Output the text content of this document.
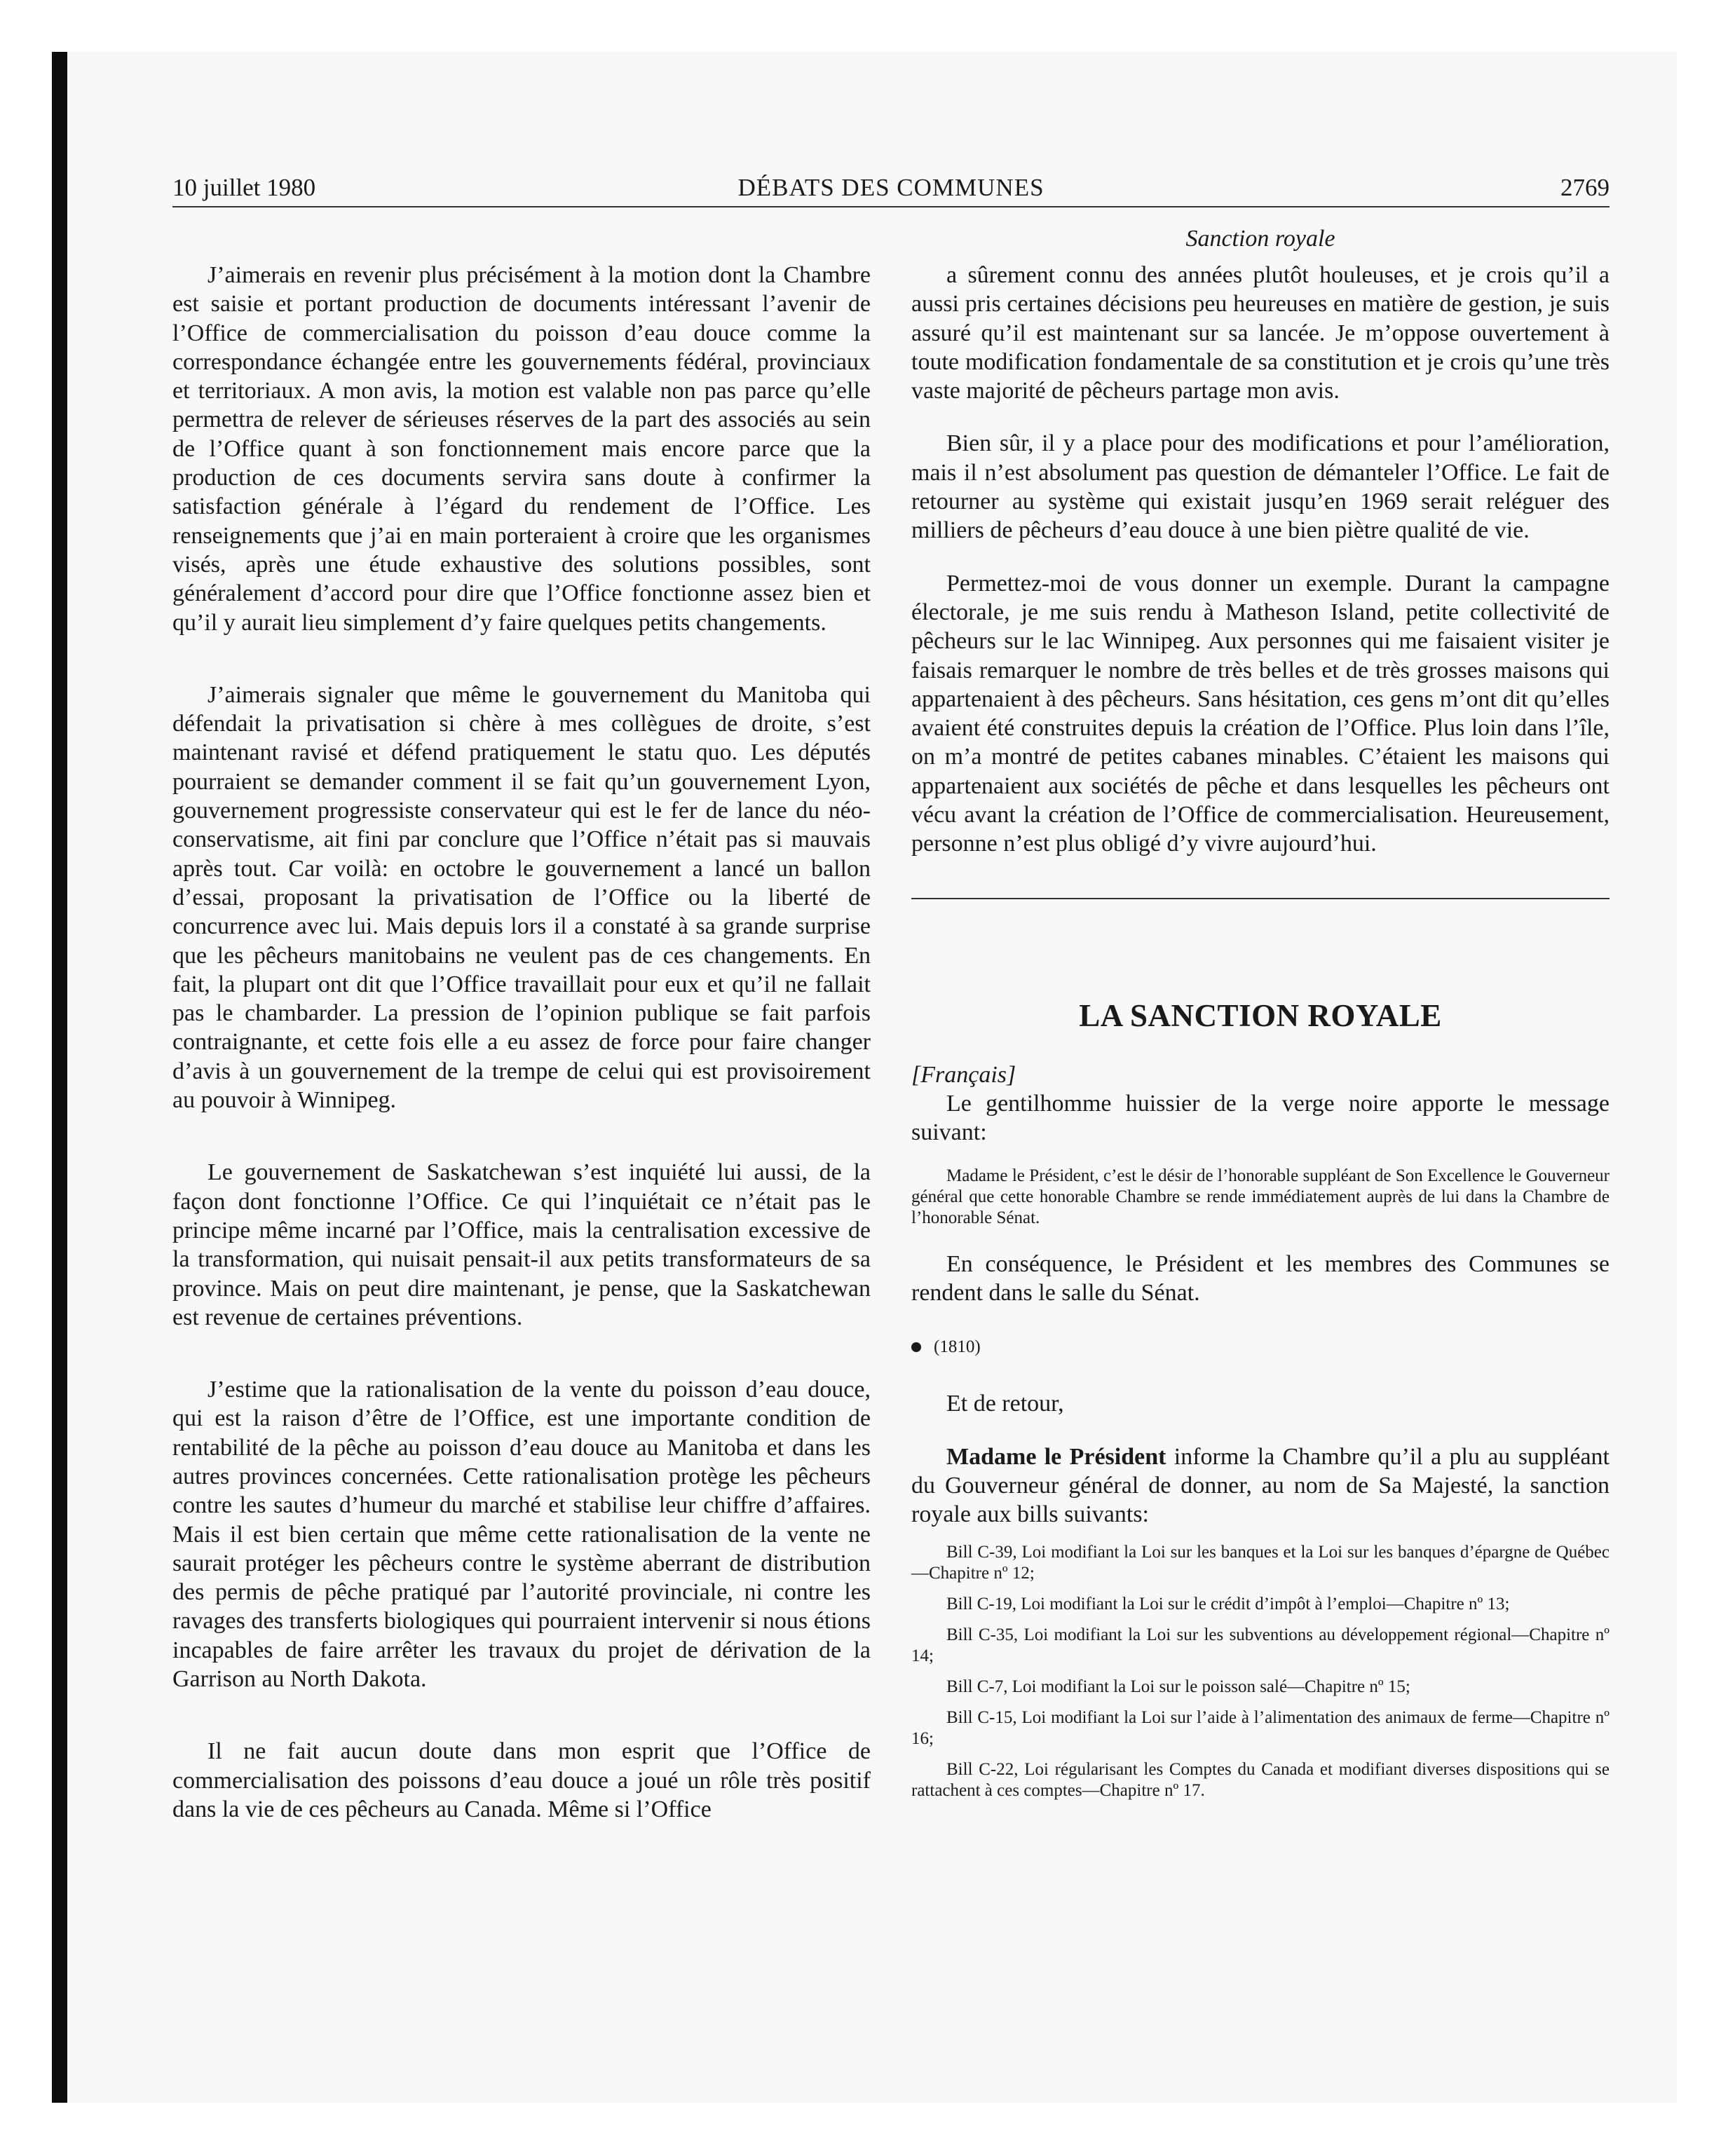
10 juillet 1980	DÉBATS DES COMMUNES	2769
Sanction royale

J’aimerais en revenir plus précisément à la motion dont la Chambre est saisie et portant production de documents intéressant l’avenir de l’Office de commercialisation du poisson d’eau douce comme la correspondance échangée entre les gouvernements fédéral, provinciaux et territoriaux. A mon avis, la motion est valable non pas parce qu’elle permettra de relever de sérieuses réserves de la part des associés au sein de l’Office quant à son fonctionnement mais encore parce que la production de ces documents servira sans doute à confirmer la satisfaction générale à l’égard du rendement de l’Office. Les renseignements que j’ai en main porteraient à croire que les organismes visés, après une étude exhaustive des solutions possibles, sont généralement d’accord pour dire que l’Office fonctionne assez bien et qu’il y aurait lieu simplement d’y faire quelques petits changements.

J’aimerais signaler que même le gouvernement du Manitoba qui défendait la privatisation si chère à mes collègues de droite, s’est maintenant ravisé et défend pratiquement le statu quo. Les députés pourraient se demander comment il se fait qu’un gouvernement Lyon, gouvernement progressiste conservateur qui est le fer de lance du néo-conservatisme, ait fini par conclure que l’Office n’était pas si mauvais après tout. Car voilà: en octobre le gouvernement a lancé un ballon d’essai, proposant la privatisation de l’Office ou la liberté de concurrence avec lui. Mais depuis lors il a constaté à sa grande surprise que les pêcheurs manitobains ne veulent pas de ces changements. En fait, la plupart ont dit que l’Office travaillait pour eux et qu’il ne fallait pas le chambarder. La pression de l’opinion publique se fait parfois contraignante, et cette fois elle a eu assez de force pour faire changer d’avis à un gouvernement de la trempe de celui qui est provisoirement au pouvoir à Winnipeg.

Le gouvernement de Saskatchewan s’est inquiété lui aussi, de la façon dont fonctionne l’Office. Ce qui l’inquiétait ce n’était pas le principe même incarné par l’Office, mais la centralisation excessive de la transformation, qui nuisait pensait-il aux petits transformateurs de sa province. Mais on peut dire maintenant, je pense, que la Saskatchewan est revenue de certaines préventions.

J’estime que la rationalisation de la vente du poisson d’eau douce, qui est la raison d’être de l’Office, est une importante condition de rentabilité de la pêche au poisson d’eau douce au Manitoba et dans les autres provinces concernées. Cette rationalisation protège les pêcheurs contre les sautes d’humeur du marché et stabilise leur chiffre d’affaires. Mais il est bien certain que même cette rationalisation de la vente ne saurait protéger les pêcheurs contre le système aberrant de distribution des permis de pêche pratiqué par l’autorité provinciale, ni contre les ravages des transferts biologiques qui pourraient intervenir si nous étions incapables de faire arrêter les travaux du projet de dérivation de la Garrison au North Dakota.

Il ne fait aucun doute dans mon esprit que l’Office de commercialisation des poissons d’eau douce a joué un rôle très positif dans la vie de ces pêcheurs au Canada. Même si l’Office

a sûrement connu des années plutôt houleuses, et je crois qu’il a aussi pris certaines décisions peu heureuses en matière de gestion, je suis assuré qu’il est maintenant sur sa lancée. Je m’oppose ouvertement à toute modification fondamentale de sa constitution et je crois qu’une très vaste majorité de pêcheurs partage mon avis.

Bien sûr, il y a place pour des modifications et pour l’amélioration, mais il n’est absolument pas question de démanteler l’Office. Le fait de retourner au système qui existait jusqu’en 1969 serait reléguer des milliers de pêcheurs d’eau douce à une bien piètre qualité de vie.

Permettez-moi de vous donner un exemple. Durant la campagne électorale, je me suis rendu à Matheson Island, petite collectivité de pêcheurs sur le lac Winnipeg. Aux personnes qui me faisaient visiter je faisais remarquer le nombre de très belles et de très grosses maisons qui appartenaient à des pêcheurs. Sans hésitation, ces gens m’ont dit qu’elles avaient été construites depuis la création de l’Office. Plus loin dans l’île, on m’a montré de petites cabanes minables. C’étaient les maisons qui appartenaient aux sociétés de pêche et dans lesquelles les pêcheurs ont vécu avant la création de l’Office de commercialisation. Heureusement, personne n’est plus obligé d’y vivre aujourd’hui.

LA SANCTION ROYALE

[Français]

Le gentilhomme huissier de la verge noire apporte le message suivant:

Madame le Président, c’est le désir de l’honorable suppléant de Son Excellence le Gouverneur général que cette honorable Chambre se rende immédiatement auprès de lui dans la Chambre de l’honorable Sénat.

En conséquence, le Président et les membres des Communes se rendent dans le salle du Sénat.

(1810)

Et de retour,

Madame le Président informe la Chambre qu’il a plu au suppléant du Gouverneur général de donner, au nom de Sa Majesté, la sanction royale aux bills suivants:

Bill C-39, Loi modifiant la Loi sur les banques et la Loi sur les banques d’épargne de Québec—Chapitre nº 12;
Bill C-19, Loi modifiant la Loi sur le crédit d’impôt à l’emploi—Chapitre nº 13;
Bill C-35, Loi modifiant la Loi sur les subventions au développement régional—Chapitre nº 14;
Bill C-7, Loi modifiant la Loi sur le poisson salé—Chapitre nº 15;
Bill C-15, Loi modifiant la Loi sur l’aide à l’alimentation des animaux de ferme—Chapitre nº 16;
Bill C-22, Loi régularisant les Comptes du Canada et modifiant diverses dispositions qui se rattachent à ces comptes—Chapitre nº 17.
